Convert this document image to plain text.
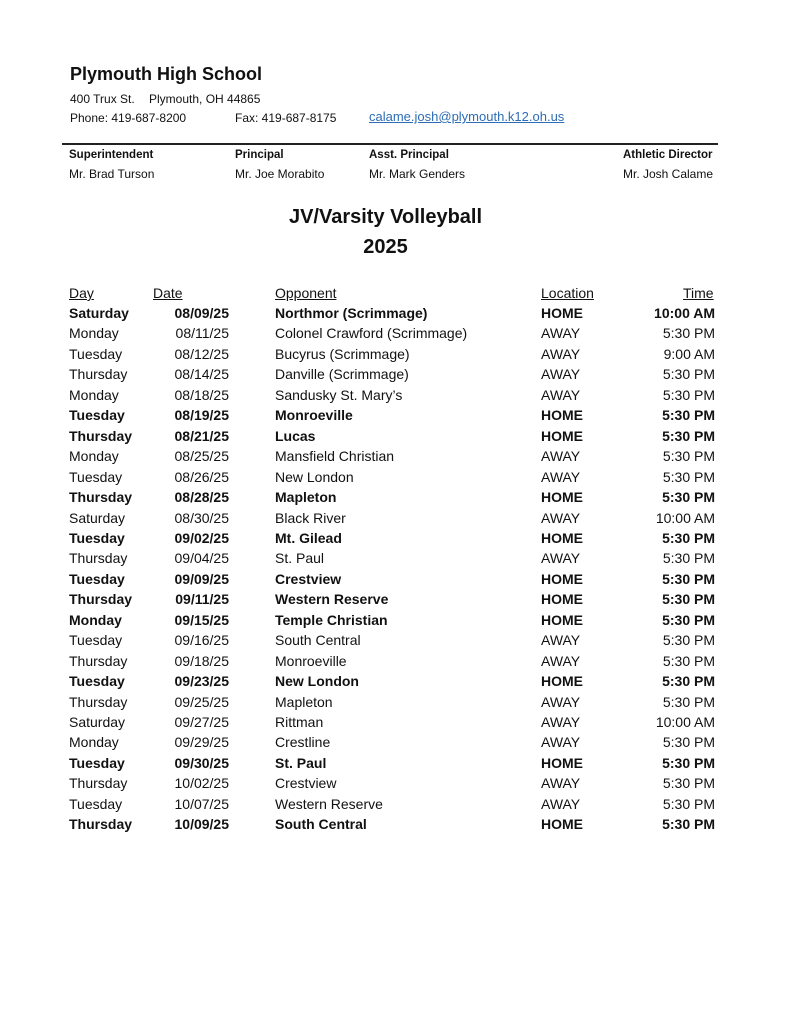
Plymouth High School
400 Trux St. Plymouth, OH 44865
Phone: 419-687-8200	Fax: 419-687-8175	calame.josh@plymouth.k12.oh.us
Superintendent
Mr. Brad Turson
Principal
Mr. Joe Morabito
Asst. Principal
Mr. Mark Genders
Athletic Director
Mr. Josh Calame
JV/Varsity Volleyball
2025
Day	Date	Opponent	Location	Time
Saturday	08/09/25	Northmor (Scrimmage)	HOME	10:00 AM
Monday	08/11/25	Colonel Crawford (Scrimmage)	AWAY	5:30 PM
Tuesday	08/12/25	Bucyrus (Scrimmage)	AWAY	9:00 AM
Thursday	08/14/25	Danville (Scrimmage)	AWAY	5:30 PM
Monday	08/18/25	Sandusky St. Mary’s	AWAY	5:30 PM
Tuesday	08/19/25	Monroeville	HOME	5:30 PM
Thursday	08/21/25	Lucas	HOME	5:30 PM
Monday	08/25/25	Mansfield Christian	AWAY	5:30 PM
Tuesday	08/26/25	New London	AWAY	5:30 PM
Thursday	08/28/25	Mapleton	HOME	5:30 PM
Saturday	08/30/25	Black River	AWAY	10:00 AM
Tuesday	09/02/25	Mt. Gilead	HOME	5:30 PM
Thursday	09/04/25	St. Paul	AWAY	5:30 PM
Tuesday	09/09/25	Crestview	HOME	5:30 PM
Thursday	09/11/25	Western Reserve	HOME	5:30 PM
Monday	09/15/25	Temple Christian	HOME	5:30 PM
Tuesday	09/16/25	South Central	AWAY	5:30 PM
Thursday	09/18/25	Monroeville	AWAY	5:30 PM
Tuesday	09/23/25	New London	HOME	5:30 PM
Thursday	09/25/25	Mapleton	AWAY	5:30 PM
Saturday	09/27/25	Rittman	AWAY	10:00 AM
Monday	09/29/25	Crestline	AWAY	5:30 PM
Tuesday	09/30/25	St. Paul	HOME	5:30 PM
Thursday	10/02/25	Crestview	AWAY	5:30 PM
Tuesday	10/07/25	Western Reserve	AWAY	5:30 PM
Thursday	10/09/25	South Central	HOME	5:30 PM
